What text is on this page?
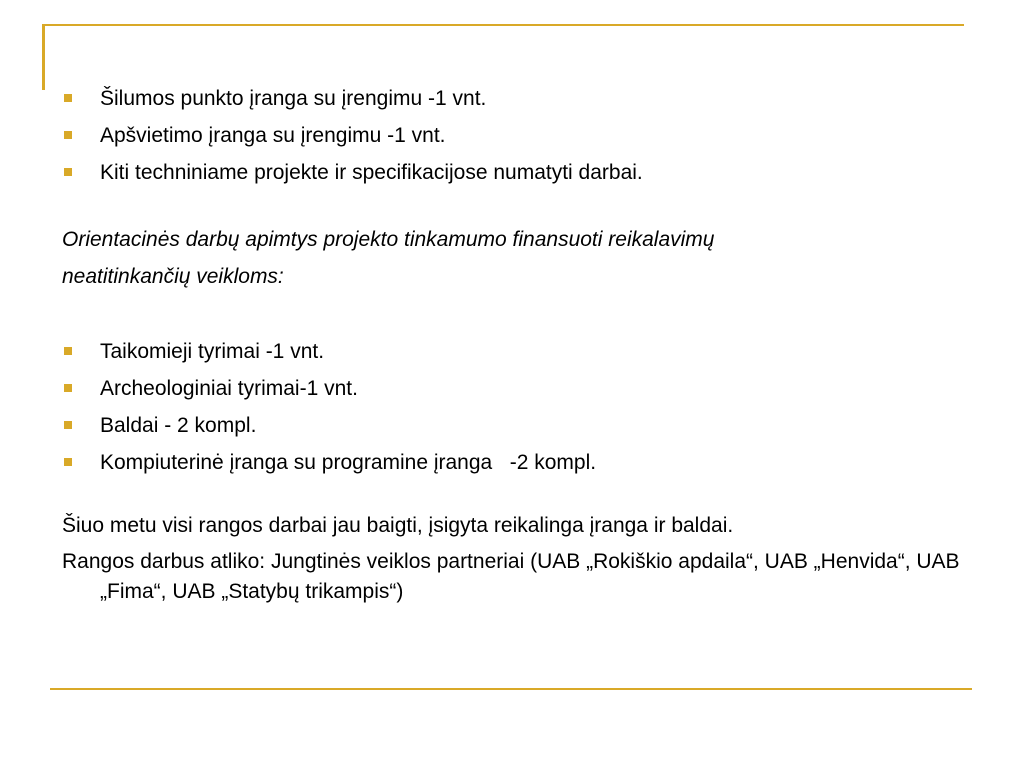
Šilumos punkto įranga su įrengimu -1 vnt.
Apšvietimo įranga su įrengimu -1 vnt.
Kiti techniniame projekte ir specifikacijose numatyti darbai.

Orientacinės darbų apimtys projekto tinkamumo finansuoti reikalavimų

neatitinkančių veikloms:

Taikomieji tyrimai -1 vnt.
Archeologiniai tyrimai-1 vnt.
Baldai - 2 kompl.
Kompiuterinė įranga su programine įranga   -2 kompl.

Šiuo metu visi rangos darbai jau baigti, įsigyta reikalinga įranga ir baldai.

Rangos darbus atliko: Jungtinės veiklos partneriai (UAB „Rokiškio apdaila“, UAB „Henvida“, UAB „Fima“, UAB „Statybų trikampis“)
